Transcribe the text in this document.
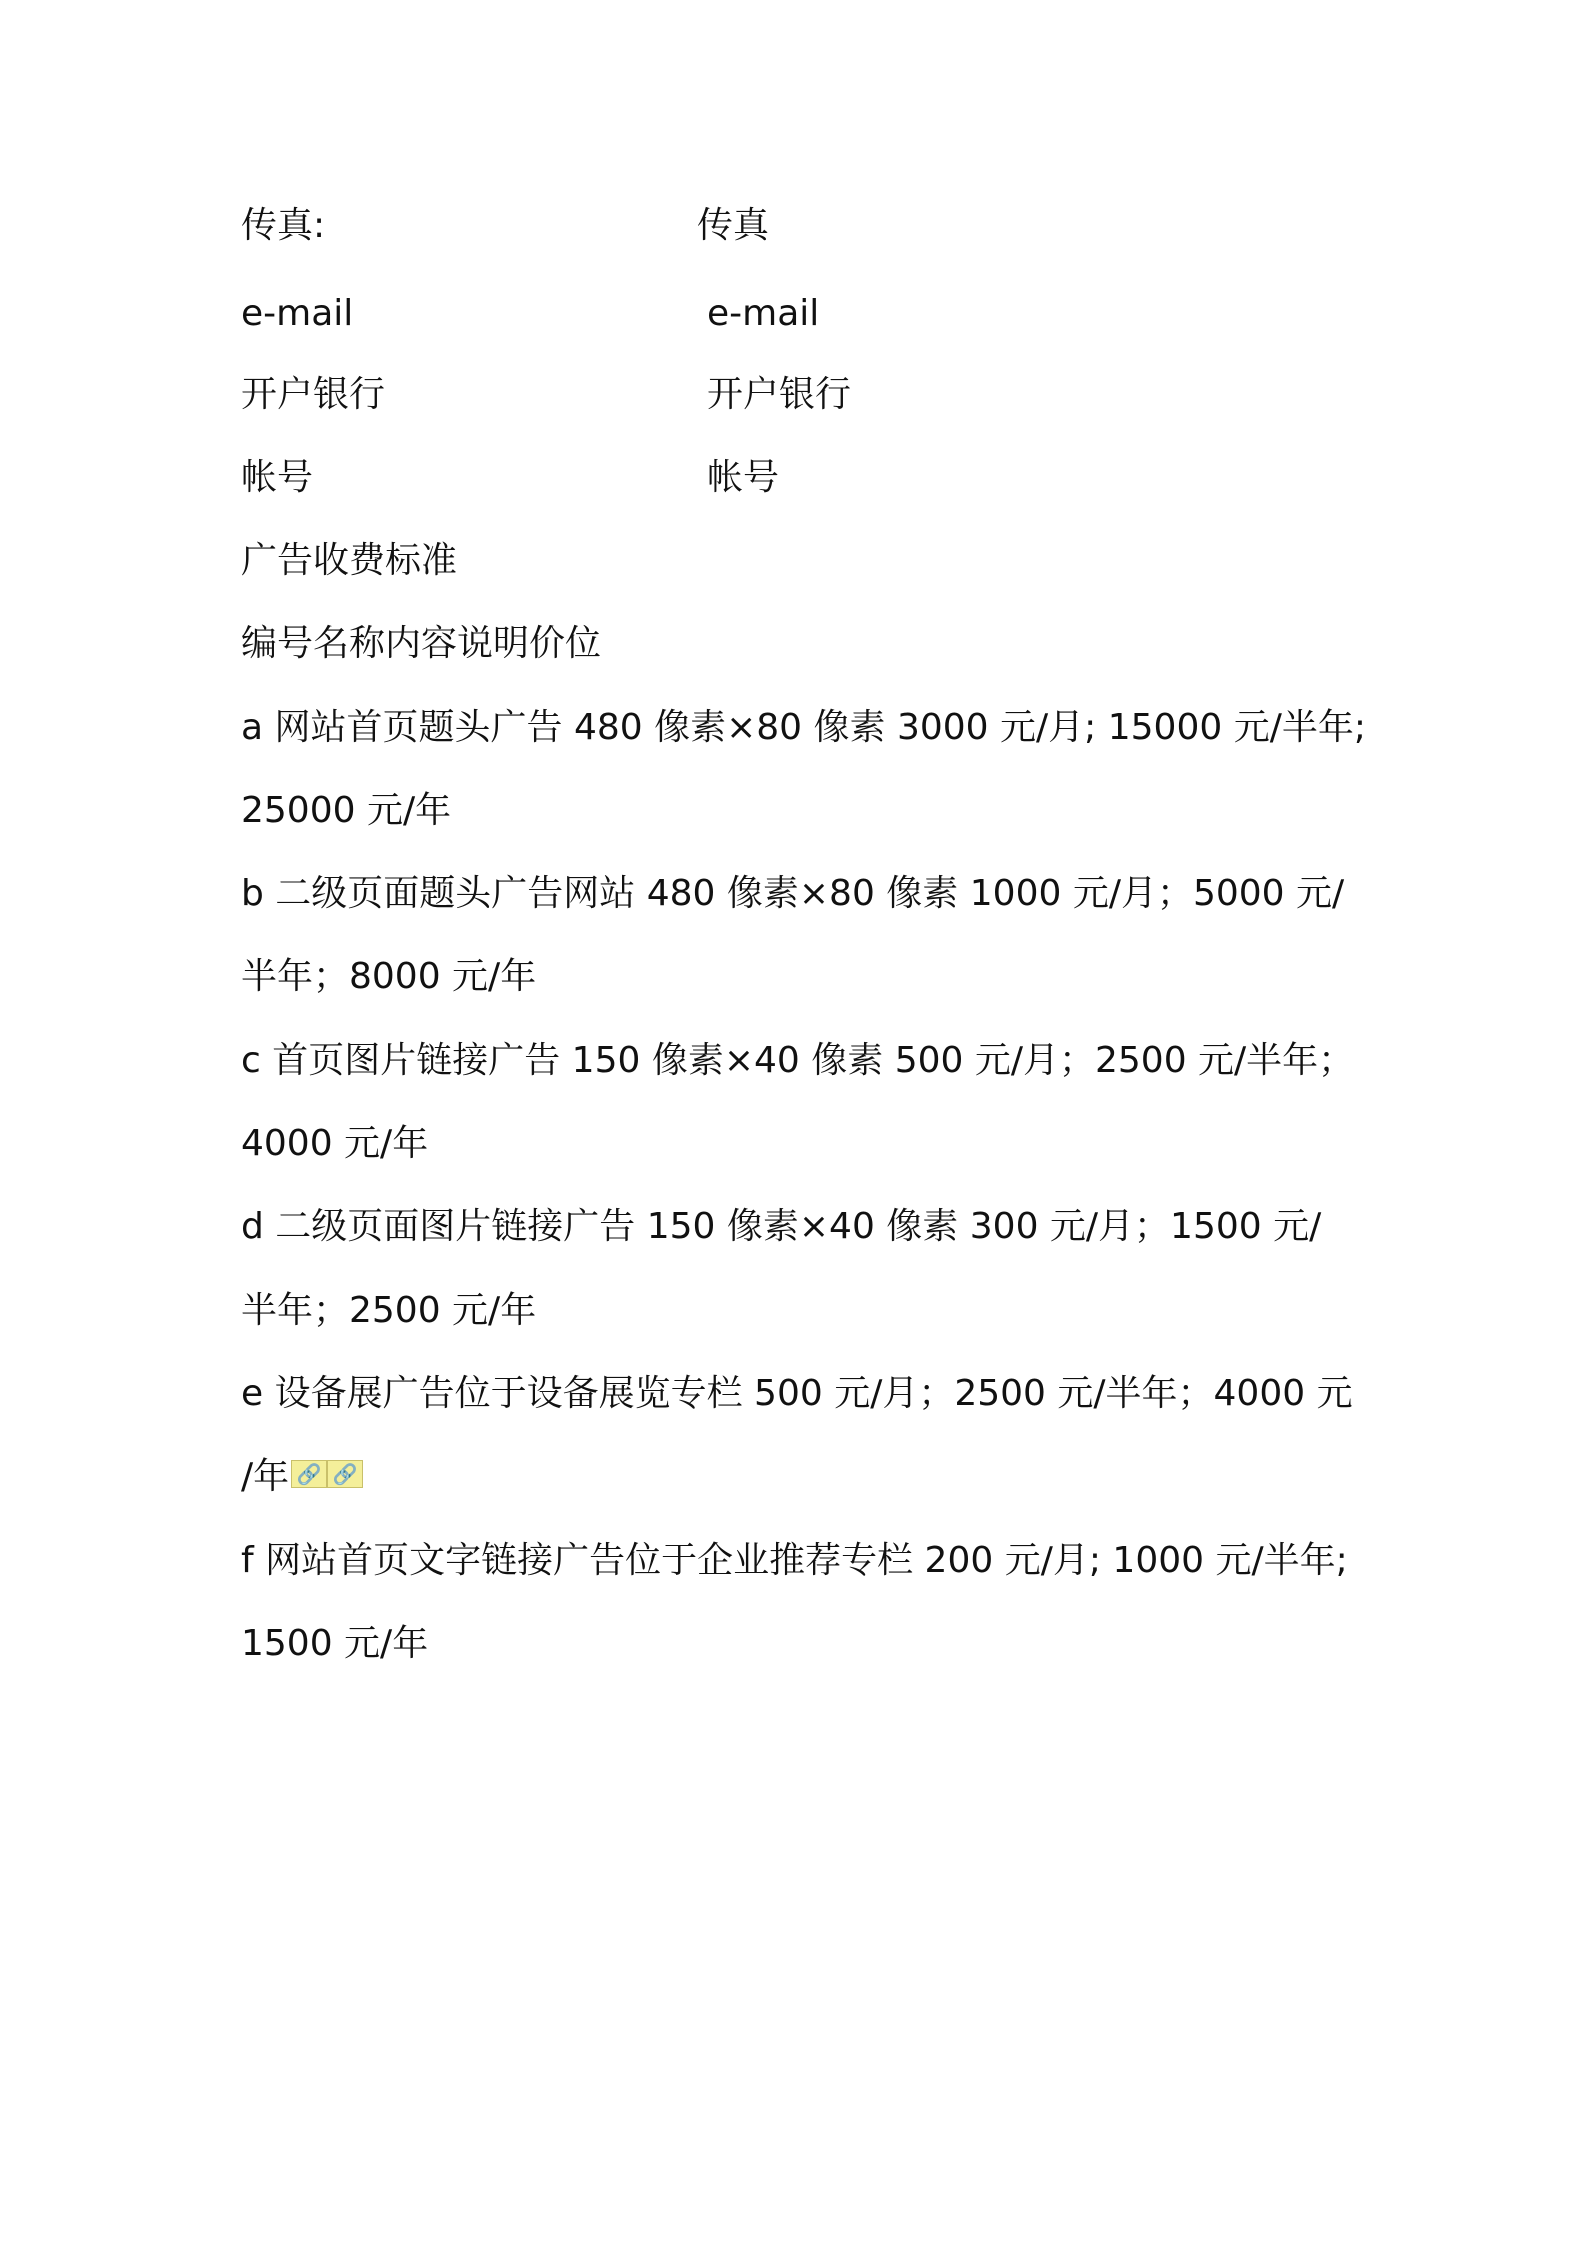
传真:	传真
e-mail	e-mail
开户银行	开户银行
帐号	帐号
广告收费标准
编号名称内容说明价位
a 网站首页题头广告 480 像素×80 像素 3000 元/月; 15000 元/半年;
25000 元/年
b 二级页面题头广告网站 480 像素×80 像素 1000 元/月；5000 元/
半年；8000 元/年
c 首页图片链接广告 150 像素×40 像素 500 元/月；2500 元/半年；
4000 元/年
d 二级页面图片链接广告 150 像素×40 像素 300 元/月；1500 元/
半年；2500 元/年
e 设备展广告位于设备展览专栏 500 元/月；2500 元/半年；4000 元
/年 🔗 🔗
f 网站首页文字链接广告位于企业推荐专栏 200 元/月; 1000 元/半年;
1500 元/年
